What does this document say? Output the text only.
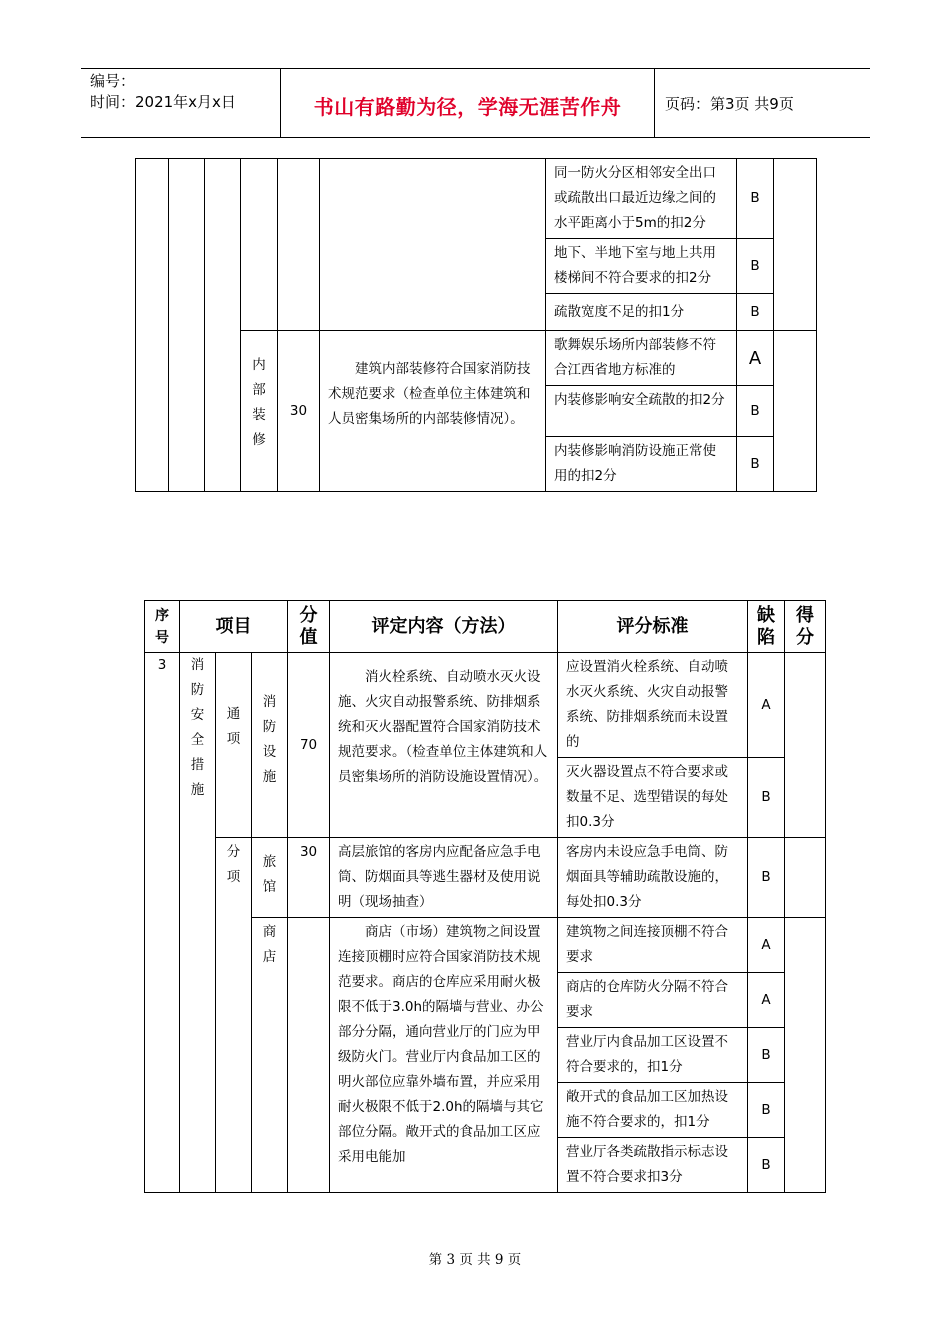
编号：
时间：2021年x月x日	书山有路勤为径，学海无涯苦作舟	页码：第3页 共9页
						同一防火分区相邻安全出口或疏散出口最近边缘之间的水平距离小于5m的扣2分	B	
						地下、半地下室与地上共用楼梯间不符合要求的扣2分	B	
						疏散宽度不足的扣1分	B	

			内部装修	30	建筑内部装修符合国家消防技术规范要求（检查单位主体建筑和人员密集场所的内部装修情况）。	歌舞娱乐场所内部装修不符合江西省地方标准的	A	
						内装修影响安全疏散的扣2分	B	
						内装修影响消防设施正常使用的扣2分	B	
序号	项目			分值	评定内容（方法）	评分标准	缺陷	得分

3	消防安全措施	通项	消防设施	70	消火栓系统、自动喷水灭火设施、火灾自动报警系统、防排烟系统和灭火器配置符合国家消防技术规范要求。（检查单位主体建筑和人员密集场所的消防设施设置情况）。	应设置消火栓系统、自动喷水灭火系统、火灾自动报警系统、防排烟系统而未设置的	A	
						灭火器设置点不符合要求或数量不足、选型错误的每处扣0.3分	B	

		分项	旅馆	30	高层旅馆的客房内应配备应急手电筒、防烟面具等逃生器材及使用说明（现场抽查）	客房内未设应急手电筒、防烟面具等辅助疏散设施的，每处扣0.3分	B	

			商店		商店（市场）建筑物之间设置连接顶棚时应符合国家消防技术规范要求。商店的仓库应采用耐火极限不低于3.0h的隔墙与营业、办公部分分隔，通向营业厅的门应为甲级防火门。营业厅内食品加工区的明火部位应靠外墙布置，并应采用耐火极限不低于2.0h的隔墙与其它部位分隔。敞开式的食品加工区应采用电能加	建筑物之间连接顶棚不符合要求	A	
						商店的仓库防火分隔不符合要求	A	
						营业厅内食品加工区设置不符合要求的，扣1分	B	
						敞开式的食品加工区加热设施不符合要求的，扣1分	B	
						营业厅各类疏散指示标志设置不符合要求扣3分	B	
第 3 页 共 9 页
